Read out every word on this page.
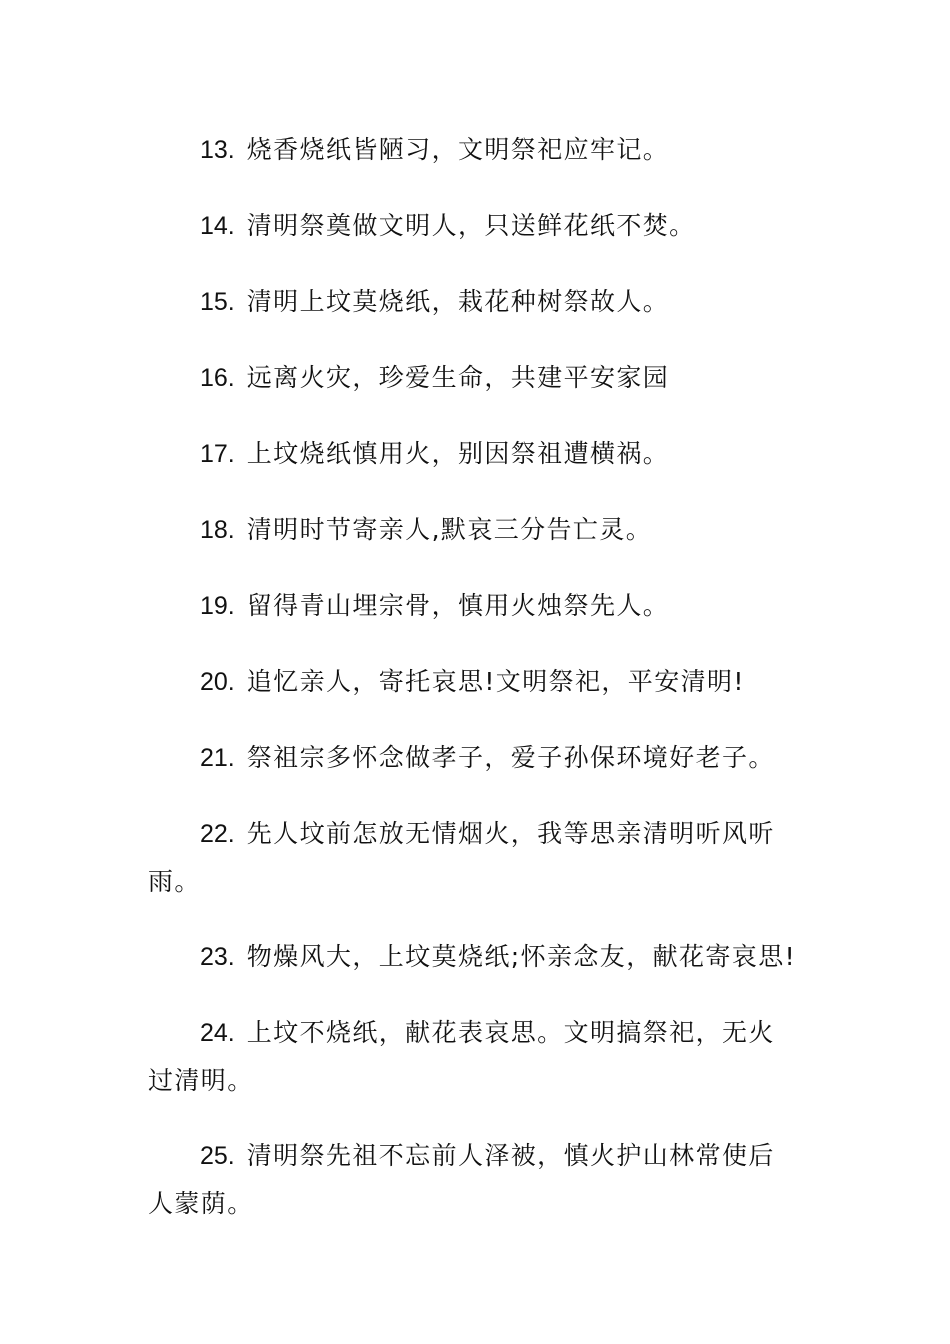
13. 烧香烧纸皆陋习，文明祭祀应牢记。

14. 清明祭奠做文明人，只送鲜花纸不焚。

15. 清明上坟莫烧纸，栽花种树祭故人。

16. 远离火灾，珍爱生命，共建平安家园

17. 上坟烧纸慎用火，别因祭祖遭横祸。

18. 清明时节寄亲人,默哀三分告亡灵。

19. 留得青山埋宗骨，慎用火烛祭先人。

20. 追忆亲人，寄托哀思!文明祭祀，平安清明!

21. 祭祖宗多怀念做孝子，爱子孙保环境好老子。

22. 先人坟前怎放无情烟火，我等思亲清明听风听雨。

23. 物燥风大，上坟莫烧纸;怀亲念友，献花寄哀思!

24. 上坟不烧纸，献花表哀思。文明搞祭祀，无火过清明。

25. 清明祭先祖不忘前人泽被，慎火护山林常使后人蒙荫。
